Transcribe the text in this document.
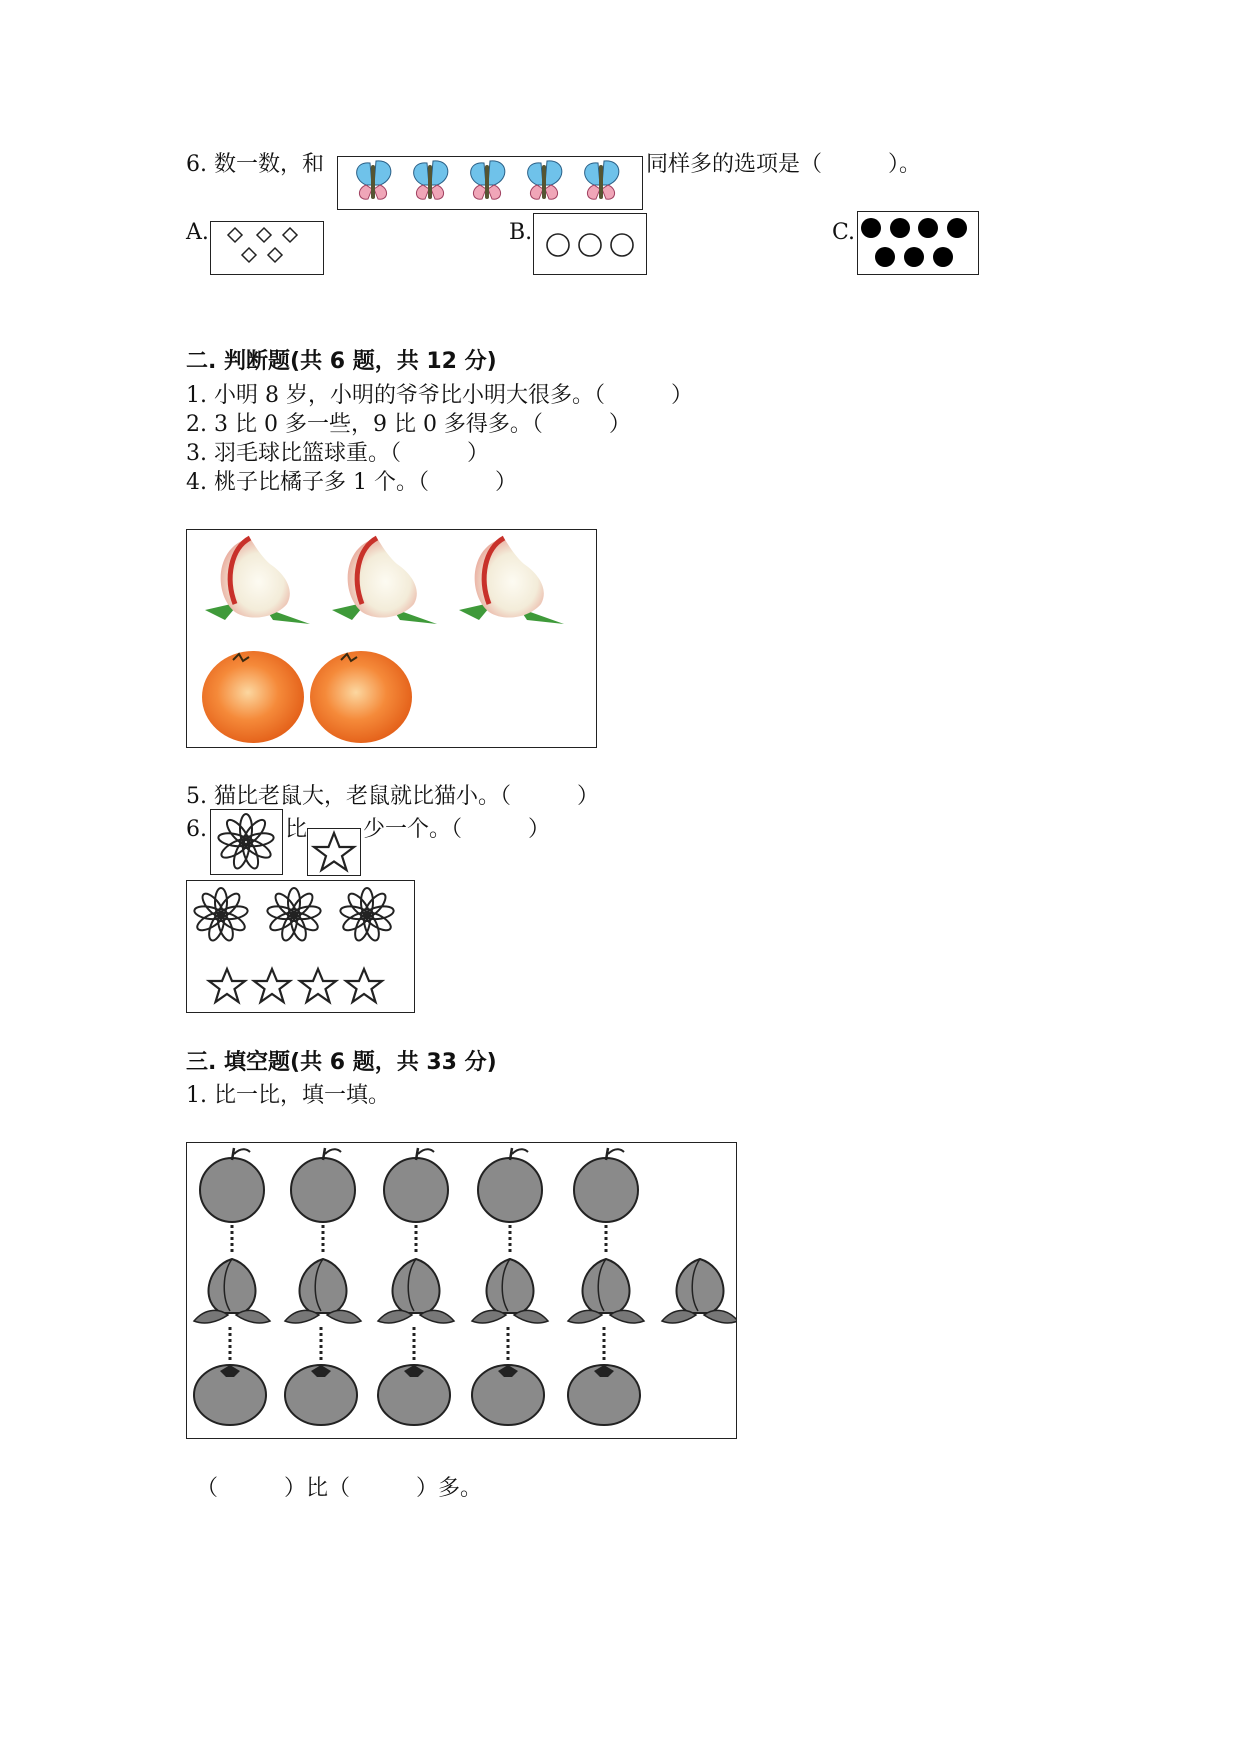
6. 数一数，和	同样多的选项是（　　　）。
A.	B.	C.
二. 判断题(共 6 题，共 12 分)
1. 小明 8 岁，小明的爷爷比小明大很多。（　　　）
2. 3 比 0 多一些，9 比 0 多得多。（　　　）
3. 羽毛球比篮球重。（　　　）
4. 桃子比橘子多 1 个。（　　　）
5. 猫比老鼠大，老鼠就比猫小。（　　　）
6.	比	少一个。（　　　）
三. 填空题(共 6 题，共 33 分)
1. 比一比，填一填。
（　　　）比（　　　）多。
